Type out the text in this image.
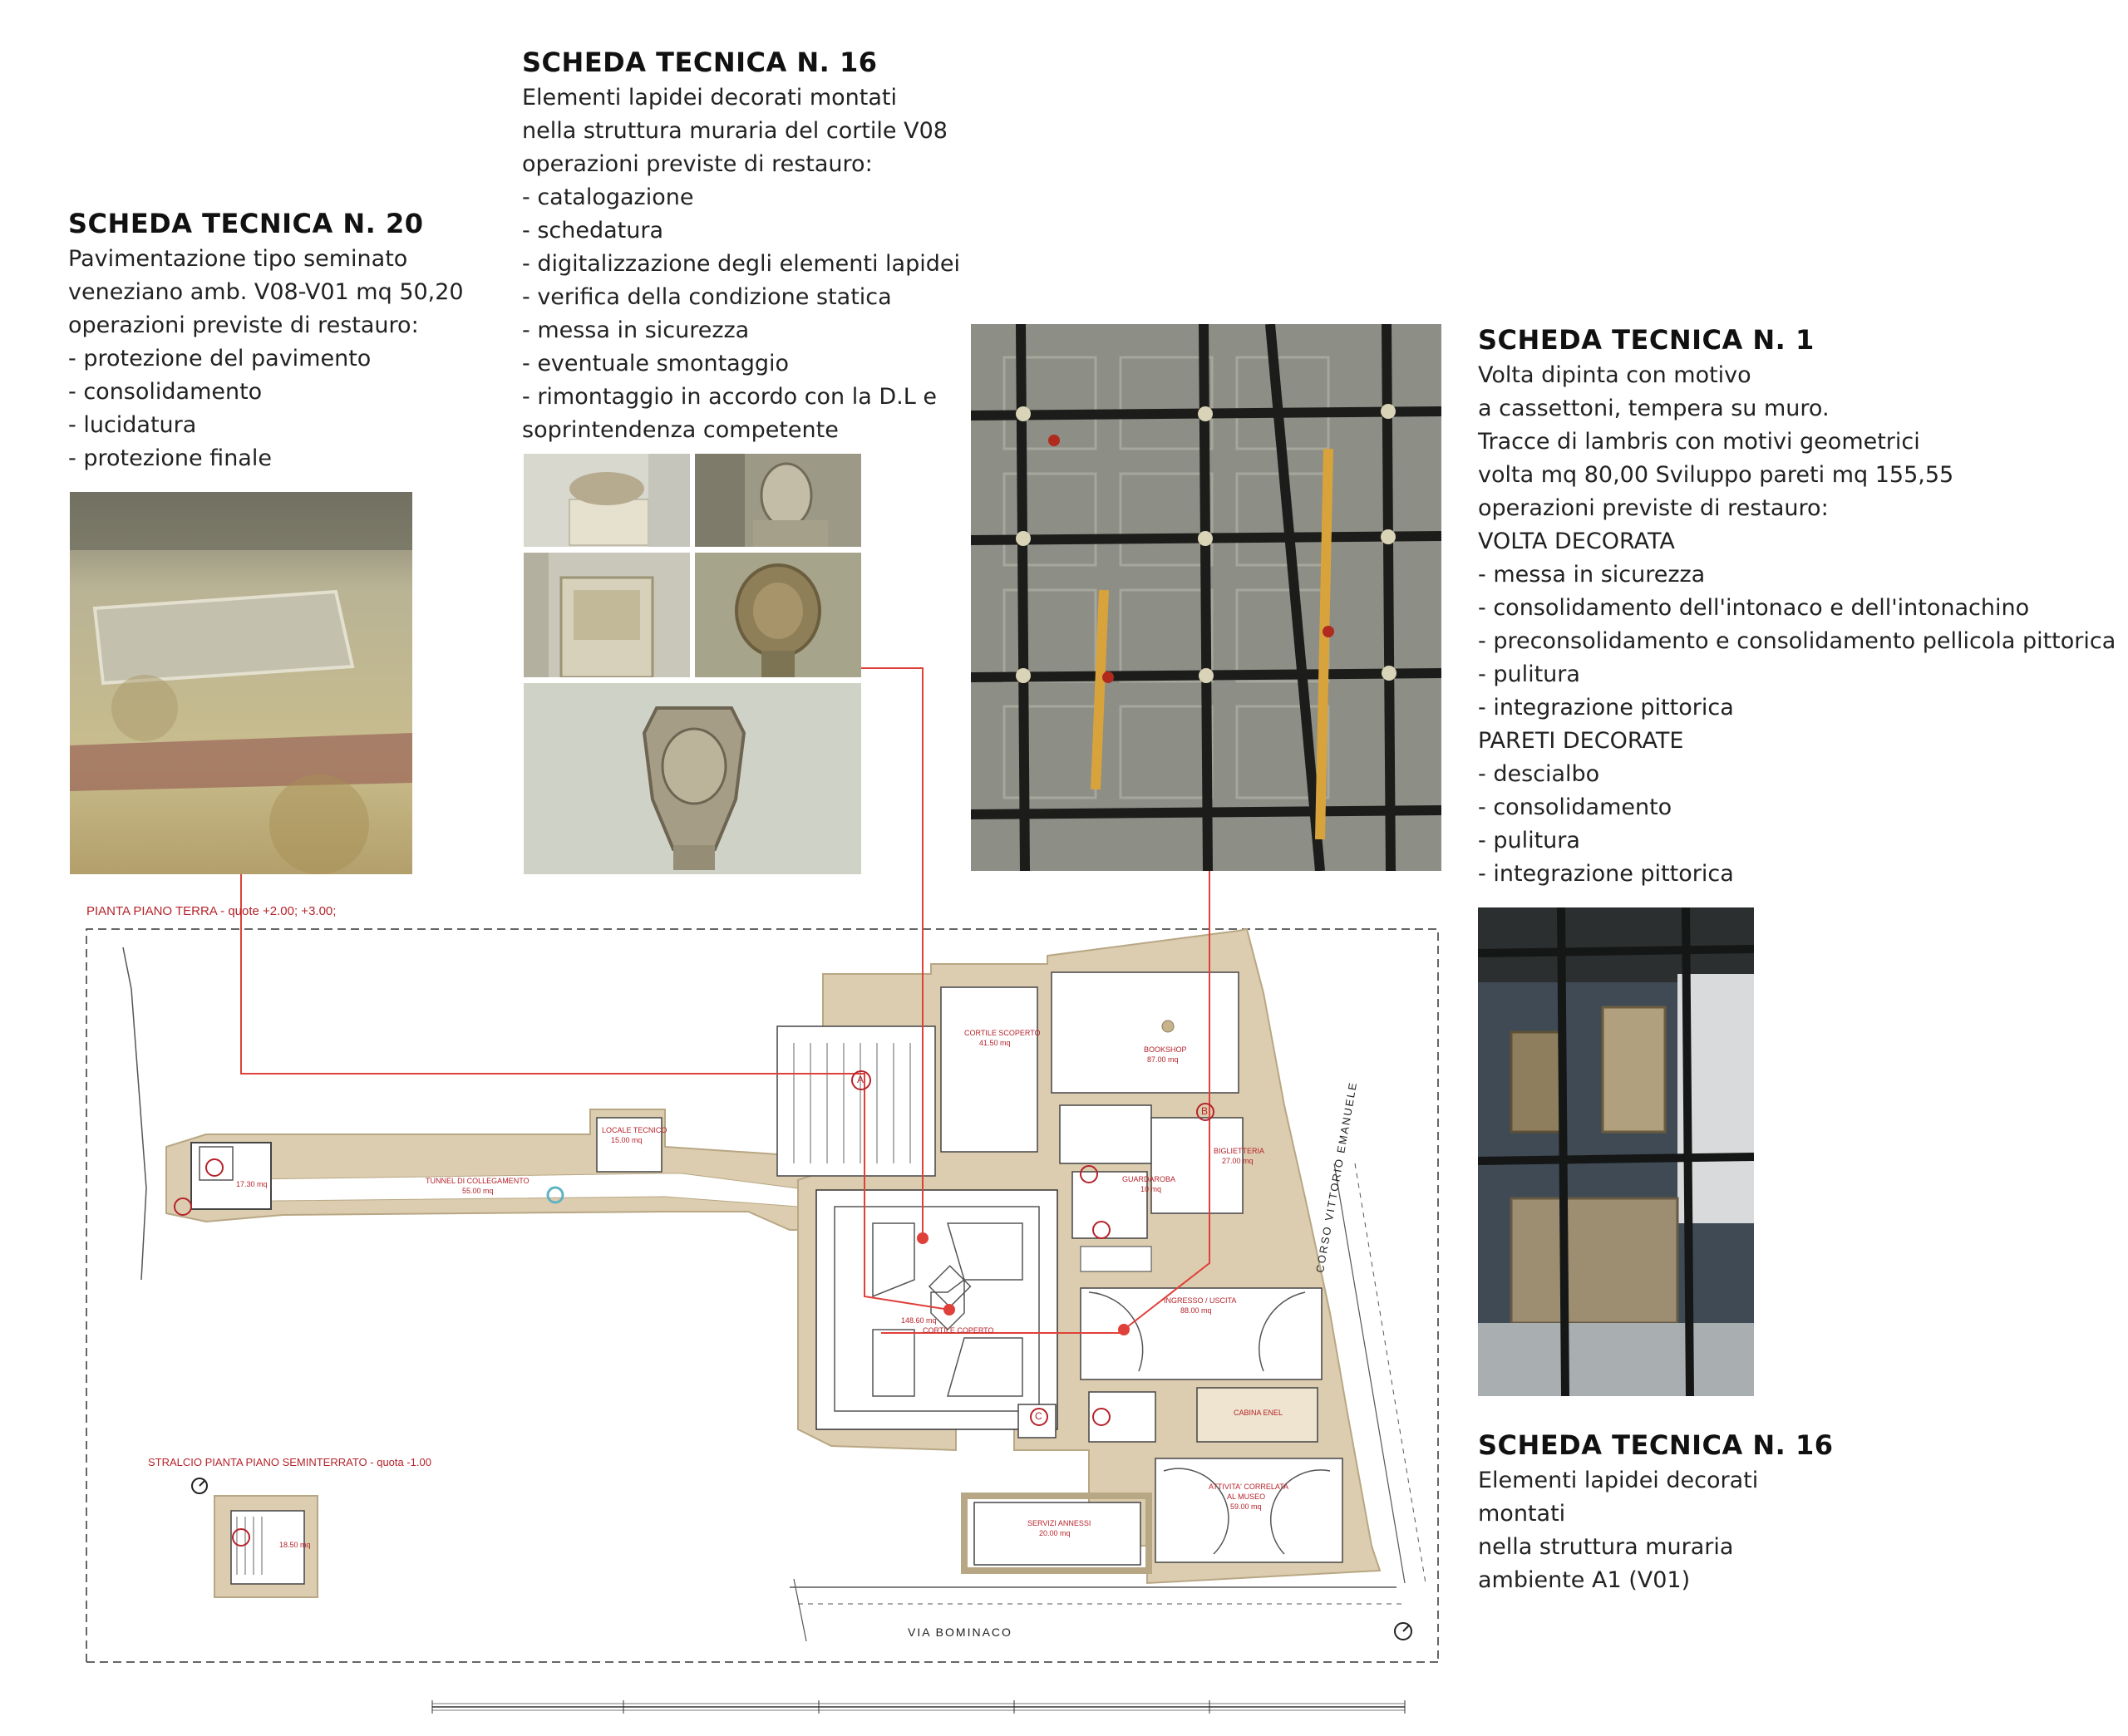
SCHEDA TECNICA N. 20
Pavimentazione tipo seminato
veneziano amb. V08-V01 mq 50,20
operazioni previste di restauro:
- protezione del pavimento
- consolidamento
- lucidatura
- protezione finale
SCHEDA TECNICA N. 16
Elementi lapidei decorati montati
nella struttura muraria del cortile V08
operazioni previste di restauro:
- catalogazione
- schedatura
- digitalizzazione degli elementi lapidei
- verifica della condizione statica
- messa in sicurezza
- eventuale smontaggio
- rimontaggio in accordo con la D.L e
soprintendenza competente
SCHEDA TECNICA N. 1
Volta dipinta con motivo
a cassettoni, tempera su muro.
Tracce di lambris con motivi geometrici
volta mq 80,00 Sviluppo pareti mq 155,55
operazioni previste di restauro:
VOLTA DECORATA
- messa in sicurezza
- consolidamento dell'intonaco e dell'intonachino
- preconsolidamento e consolidamento pellicola pittorica
- pulitura
- integrazione pittorica
PARETI DECORATE
- descialbo
- consolidamento
- pulitura
- integrazione pittorica
SCHEDA TECNICA N. 16
Elementi lapidei decorati
montati
nella struttura muraria
ambiente A1 (V01)
PIANTA PIANO TERRA - quote +2.00; +3.00;
STRALCIO PIANTA PIANO SEMINTERRATO - quota -1.00
VIA BOMINACO
CORSO VITTORIO EMANUELE
CORTILE SCOPERTO
41.50 mq
BOOKSHOP
87.00 mq
LOCALE TECNICO
15.00 mq
TUNNEL DI COLLEGAMENTO
55.00 mq
17.30 mq
GUARDAROBA
10 mq
BIGLIETTERIA
27.00 mq
INGRESSO / USCITA
88.00 mq
CORTILE COPERTO
148.60 mq
CABINA ENEL
ATTIVITA' CORRELATA
AL MUSEO
59.00 mq
SERVIZI ANNESSI
20.00 mq
18.50 mq
A
B
C
